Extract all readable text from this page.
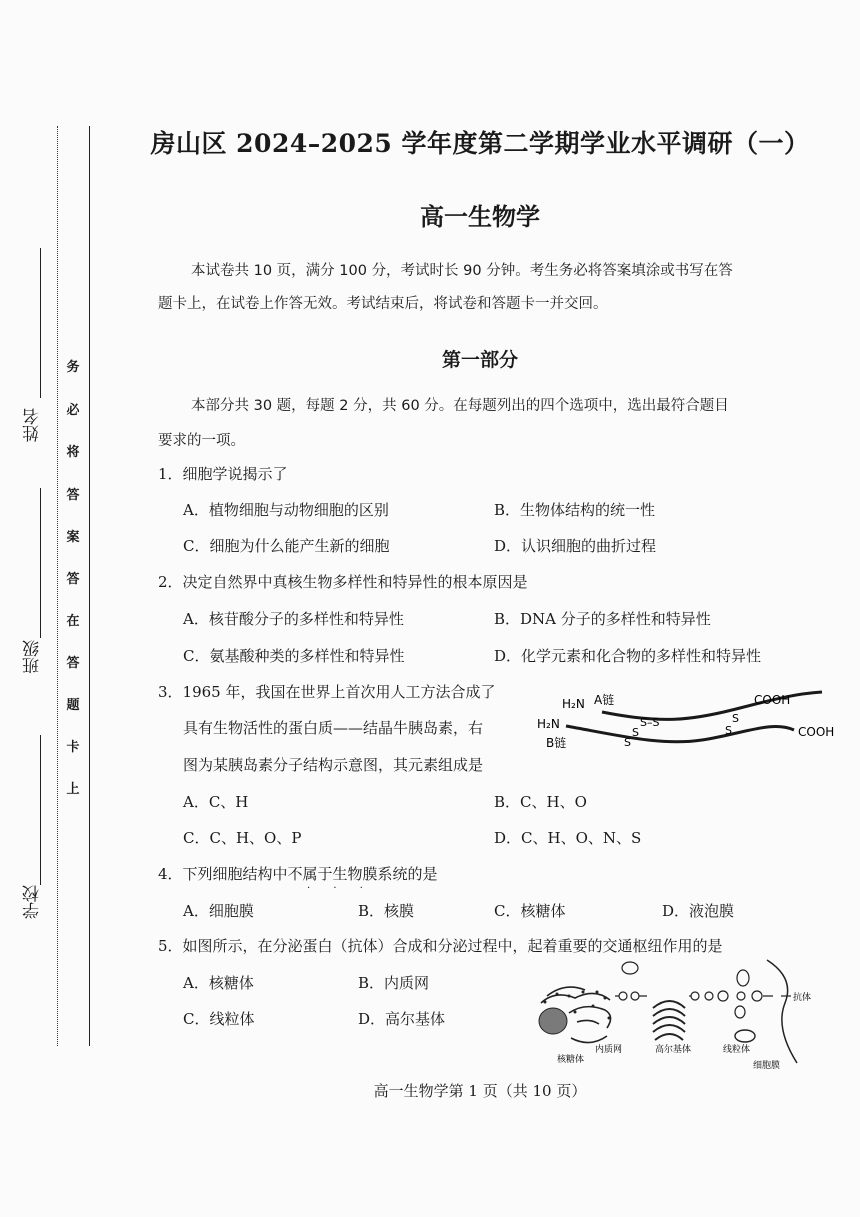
姓名
班级
学校
务
必
将
答
案
答
在
答
题
卡
上
房山区 2024–2025 学年度第二学期学业水平调研（一）
高一生物学
本试卷共 10 页，满分 100 分，考试时长 90 分钟。考生务必将答案填涂或书写在答
题卡上，在试卷上作答无效。考试结束后，将试卷和答题卡一并交回。
第一部分
本部分共 30 题，每题 2 分，共 60 分。在每题列出的四个选项中，选出最符合题目
要求的一项。
1．细胞学说揭示了
A．植物细胞与动物细胞的区别	B．生物体结构的统一性
C．细胞为什么能产生新的细胞	D．认识细胞的曲折过程
2．决定自然界中真核生物多样性和特异性的根本原因是
A．核苷酸分子的多样性和特异性	B．DNA 分子的多样性和特异性
C．氨基酸种类的多样性和特异性	D．化学元素和化合物的多样性和特异性
3．1965 年，我国在世界上首次用人工方法合成了
具有生物活性的蛋白质——结晶牛胰岛素，右
图为某胰岛素分子结构示意图，其元素组成是
H₂N A链
H₂N
B链
S–S
S
S	S
S
COOH
COOH
A．C、H	B．C、H、O
C．C、H、O、P	D．C、H、O、N、S
4．下列细胞结构中不属于生物膜系统的是
· · ·
A．细胞膜	B．核膜	C．核糖体	D．液泡膜
5．如图所示，在分泌蛋白（抗体）合成和分泌过程中，起着重要的交通枢纽作用的是
A．核糖体	B．内质网
C．线粒体	D．高尔基体
抗体
核糖体
内质网	高尔基体	线粒体
细胞膜
高一生物学第 1 页（共 10 页）
